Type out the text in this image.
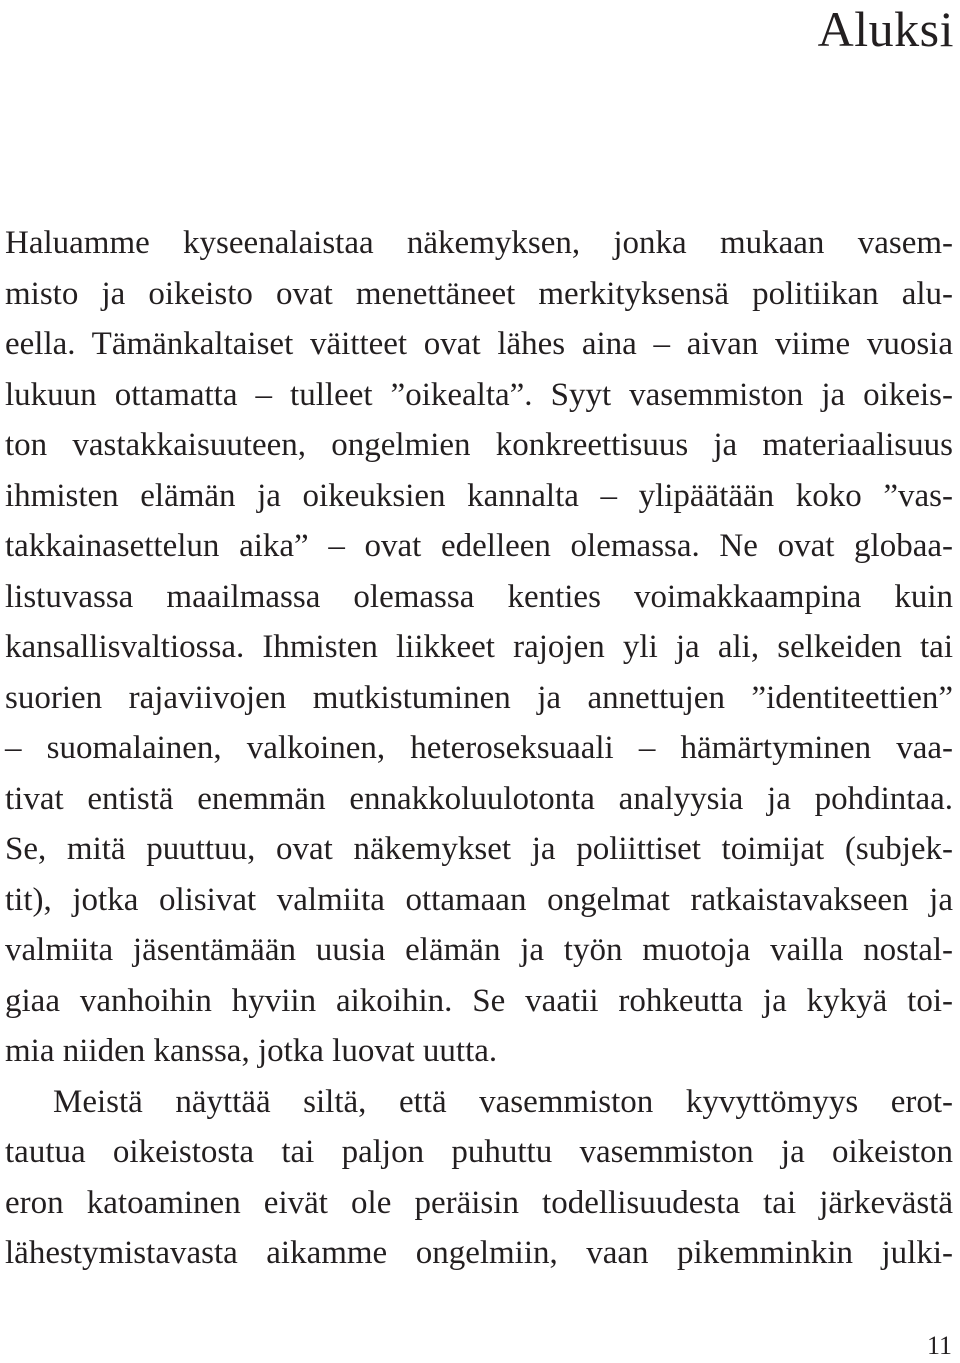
Aluksi
Haluamme kyseenalaistaa näkemyksen, jonka mukaan vasem-
misto ja oikeisto ovat menettäneet merkityksensä politiikan alu-
eella. Tämänkaltaiset väitteet ovat lähes aina – aivan viime vuosia
lukuun ottamatta – tulleet ”oikealta”. Syyt vasemmiston ja oikeis-
ton vastakkaisuuteen, ongelmien konkreettisuus ja materiaalisuus
ihmisten elämän ja oikeuksien kannalta – ylipäätään koko ”vas-
takkainasettelun aika” – ovat edelleen olemassa. Ne ovat globaa-
listuvassa maailmassa olemassa kenties voimakkaampina kuin
kansallisvaltiossa. Ihmisten liikkeet rajojen yli ja ali, selkeiden tai
suorien rajaviivojen mutkistuminen ja annettujen ”identiteettien”
– suomalainen, valkoinen, heteroseksuaali – hämärtyminen vaa-
tivat entistä enemmän ennakkoluulotonta analyysia ja pohdintaa.
Se, mitä puuttuu, ovat näkemykset ja poliittiset toimijat (subjek-
tit), jotka olisivat valmiita ottamaan ongelmat ratkaistavakseen ja
valmiita jäsentämään uusia elämän ja työn muotoja vailla nostal-
giaa vanhoihin hyviin aikoihin. Se vaatii rohkeutta ja kykyä toi-
mia niiden kanssa, jotka luovat uutta.
Meistä näyttää siltä, että vasemmiston kyvyttömyys erot-
tautua oikeistosta tai paljon puhuttu vasemmiston ja oikeiston
eron katoaminen eivät ole peräisin todellisuudesta tai järkevästä
lähestymistavasta aikamme ongelmiin, vaan pikemminkin julki-

11
